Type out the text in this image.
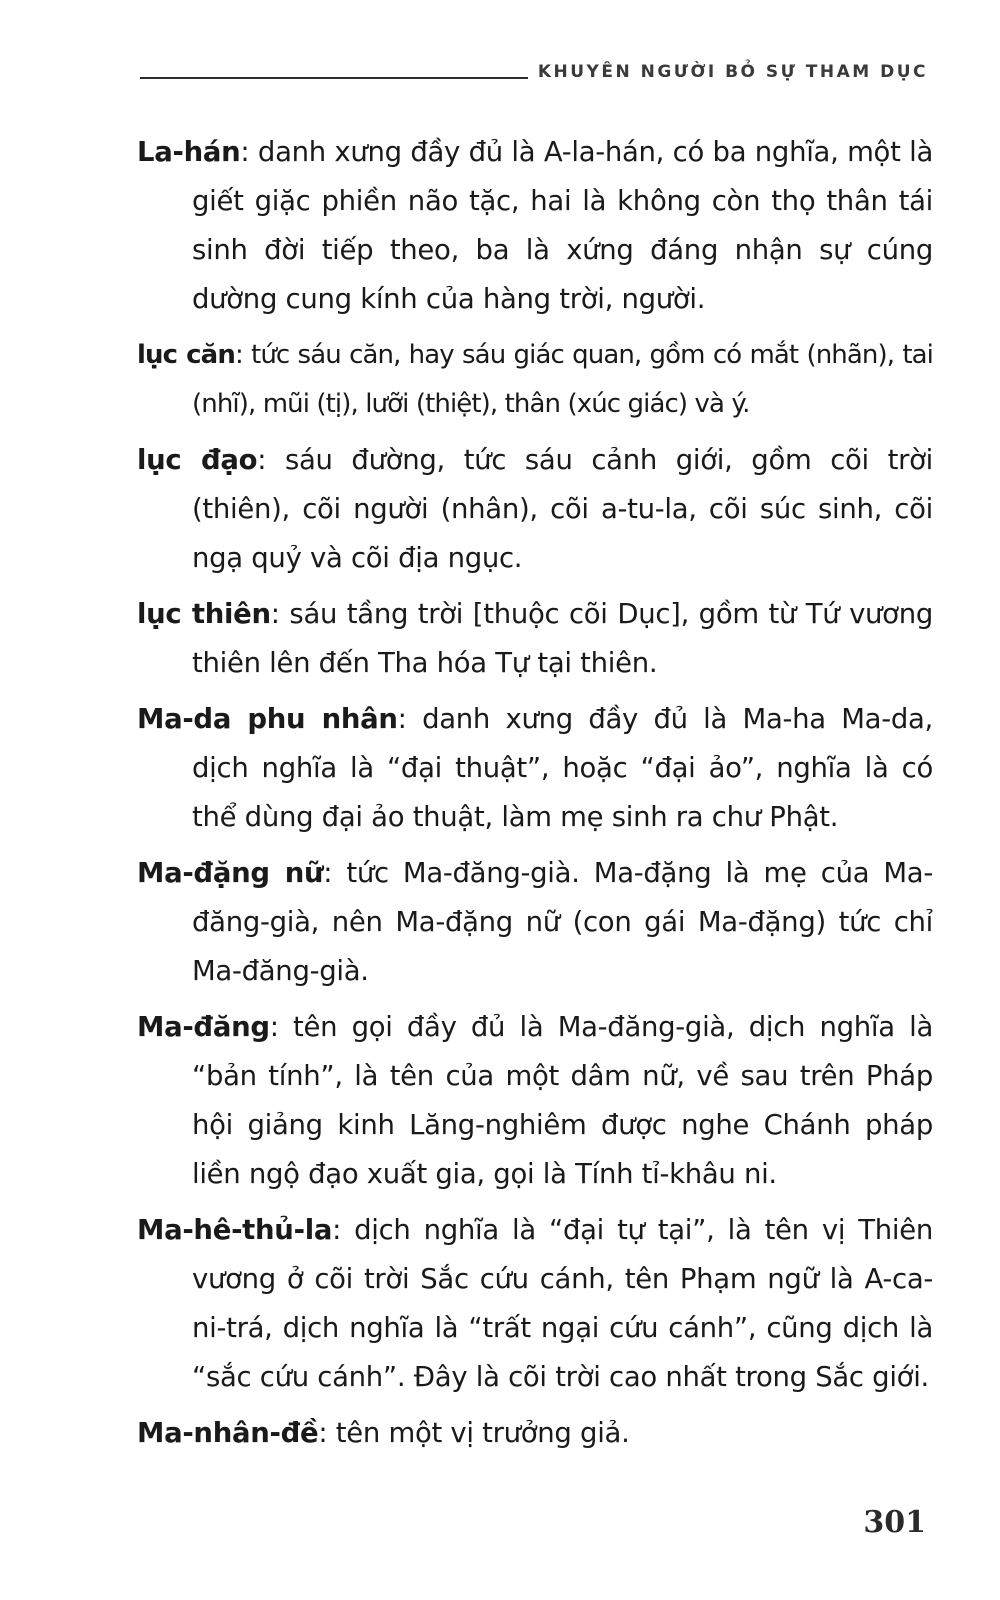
KHUYÊN NGƯỜI BỎ SỰ THAM DỤC

La-hán: danh xưng đầy đủ là A-la-hán, có ba nghĩa, một là giết giặc phiền não tặc, hai là không còn thọ thân tái sinh đời tiếp theo, ba là xứng đáng nhận sự cúng dường cung kính của hàng trời, người.

lục căn: tức sáu căn, hay sáu giác quan, gồm có mắt (nhãn), tai (nhĩ), mũi (tị), lưỡi (thiệt), thân (xúc giác) và ý.

lục đạo: sáu đường, tức sáu cảnh giới, gồm cõi trời (thiên), cõi người (nhân), cõi a-tu-la, cõi súc sinh, cõi ngạ quỷ và cõi địa ngục.

lục thiên: sáu tầng trời [thuộc cõi Dục], gồm từ Tứ vương thiên lên đến Tha hóa Tự tại thiên.

Ma-da phu nhân: danh xưng đầy đủ là Ma-ha Ma-da, dịch nghĩa là “đại thuật”, hoặc “đại ảo”, nghĩa là có thể dùng đại ảo thuật, làm mẹ sinh ra chư Phật.

Ma-đặng nữ: tức Ma-đăng-già. Ma-đặng là mẹ của Ma-đăng-già, nên Ma-đặng nữ (con gái Ma-đặng) tức chỉ Ma-đăng-già.

Ma-đăng: tên gọi đầy đủ là Ma-đăng-già, dịch nghĩa là “bản tính”, là tên của một dâm nữ, về sau trên Pháp hội giảng kinh Lăng-nghiêm được nghe Chánh pháp liền ngộ đạo xuất gia, gọi là Tính tỉ-khâu ni.

Ma-hê-thủ-la: dịch nghĩa là “đại tự tại”, là tên vị Thiên vương ở cõi trời Sắc cứu cánh, tên Phạm ngữ là A-ca-ni-trá, dịch nghĩa là “trất ngại cứu cánh”, cũng dịch là “sắc cứu cánh”. Đây là cõi trời cao nhất trong Sắc giới.

Ma-nhân-đề: tên một vị trưởng giả.

301
